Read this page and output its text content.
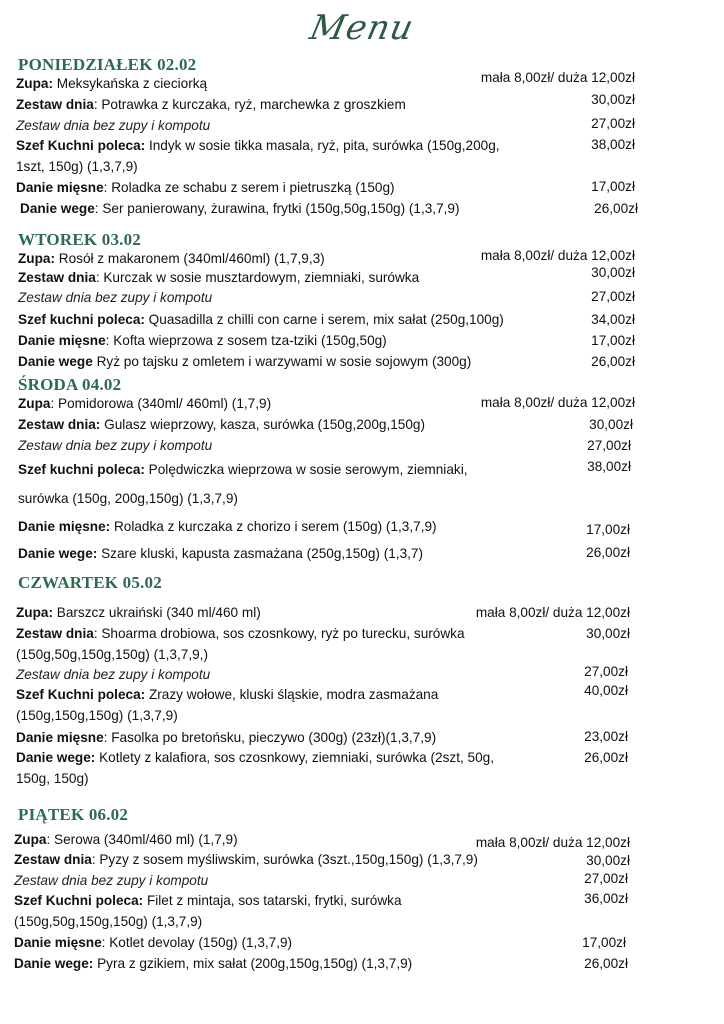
Menu
PONIEDZIAŁEK 02.02
Zupa: Meksykańska z cieciorką	mała 8,00zł/ duża 12,00zł
Zestaw dnia: Potrawka z kurczaka, ryż, marchewka z groszkiem	30,00zł
Zestaw dnia bez zupy i kompotu	27,00zł
Szef Kuchni poleca: Indyk w sosie tikka masala, ryż, pita, surówka (150g,200g,
1szt, 150g) (1,3,7,9)
38,00zł
Danie mięsne: Roladka ze schabu z serem i pietruszką (150g)	17,00zł
Danie wege: Ser panierowany, żurawina, frytki (150g,50g,150g) (1,3,7,9)	26,00zł
WTOREK 03.02
Zupa: Rosół z makaronem (340ml/460ml) (1,7,9,3)	mała 8,00zł/ duża 12,00zł
Zestaw dnia: Kurczak w sosie musztardowym, ziemniaki, surówka	30,00zł
Zestaw dnia bez zupy i kompotu	27,00zł
Szef kuchni poleca: Quasadilla z chilli con carne i serem, mix sałat (250g,100g)	34,00zł
Danie mięsne: Kofta wieprzowa z sosem tza-tziki (150g,50g)	17,00zł
Danie wege Ryż po tajsku z omletem i warzywami w sosie sojowym (300g)	26,00zł
ŚRODA 04.02
Zupa: Pomidorowa (340ml/ 460ml) (1,7,9)	mała 8,00zł/ duża 12,00zł
Zestaw dnia: Gulasz wieprzowy, kasza, surówka (150g,200g,150g)	30,00zł
Zestaw dnia bez zupy i kompotu	27,00zł
Szef kuchni poleca: Polędwiczka wieprzowa w sosie serowym, ziemniaki,
surówka (150g, 200g,150g) (1,3,7,9)
38,00zł
Danie mięsne: Roladka z kurczaka z chorizo i serem (150g) (1,3,7,9)	17,00zł
Danie wege: Szare kluski, kapusta zasmażana (250g,150g) (1,3,7)	26,00zł
CZWARTEK 05.02
Zupa: Barszcz ukraiński (340 ml/460 ml)	mała 8,00zł/ duża 12,00zł
Zestaw dnia: Shoarma drobiowa, sos czosnkowy, ryż po turecku, surówka
(150g,50g,150g,150g) (1,3,7,9,)
30,00zł
Zestaw dnia bez zupy i kompotu	27,00zł
Szef Kuchni poleca: Zrazy wołowe, kluski śląskie, modra zasmażana
(150g,150g,150g) (1,3,7,9)
40,00zł
Danie mięsne: Fasolka po bretońsku, pieczywo (300g) (23zł)(1,3,7,9)	23,00zł
Danie wege: Kotlety z kalafiora, sos czosnkowy, ziemniaki, surówka (2szt, 50g,
150g, 150g)
26,00zł
PIĄTEK 06.02
Zupa: Serowa (340ml/460 ml) (1,7,9)	mała 8,00zł/ duża 12,00zł
Zestaw dnia: Pyzy z sosem myśliwskim, surówka (3szt.,150g,150g) (1,3,7,9)	30,00zł
Zestaw dnia bez zupy i kompotu	27,00zł
Szef Kuchni poleca: Filet z mintaja, sos tatarski, frytki, surówka
(150g,50g,150g,150g) (1,3,7,9)
36,00zł
Danie mięsne: Kotlet devolay (150g) (1,3,7,9)	17,00zł
Danie wege: Pyra z gzikiem, mix sałat (200g,150g,150g) (1,3,7,9)	26,00zł
